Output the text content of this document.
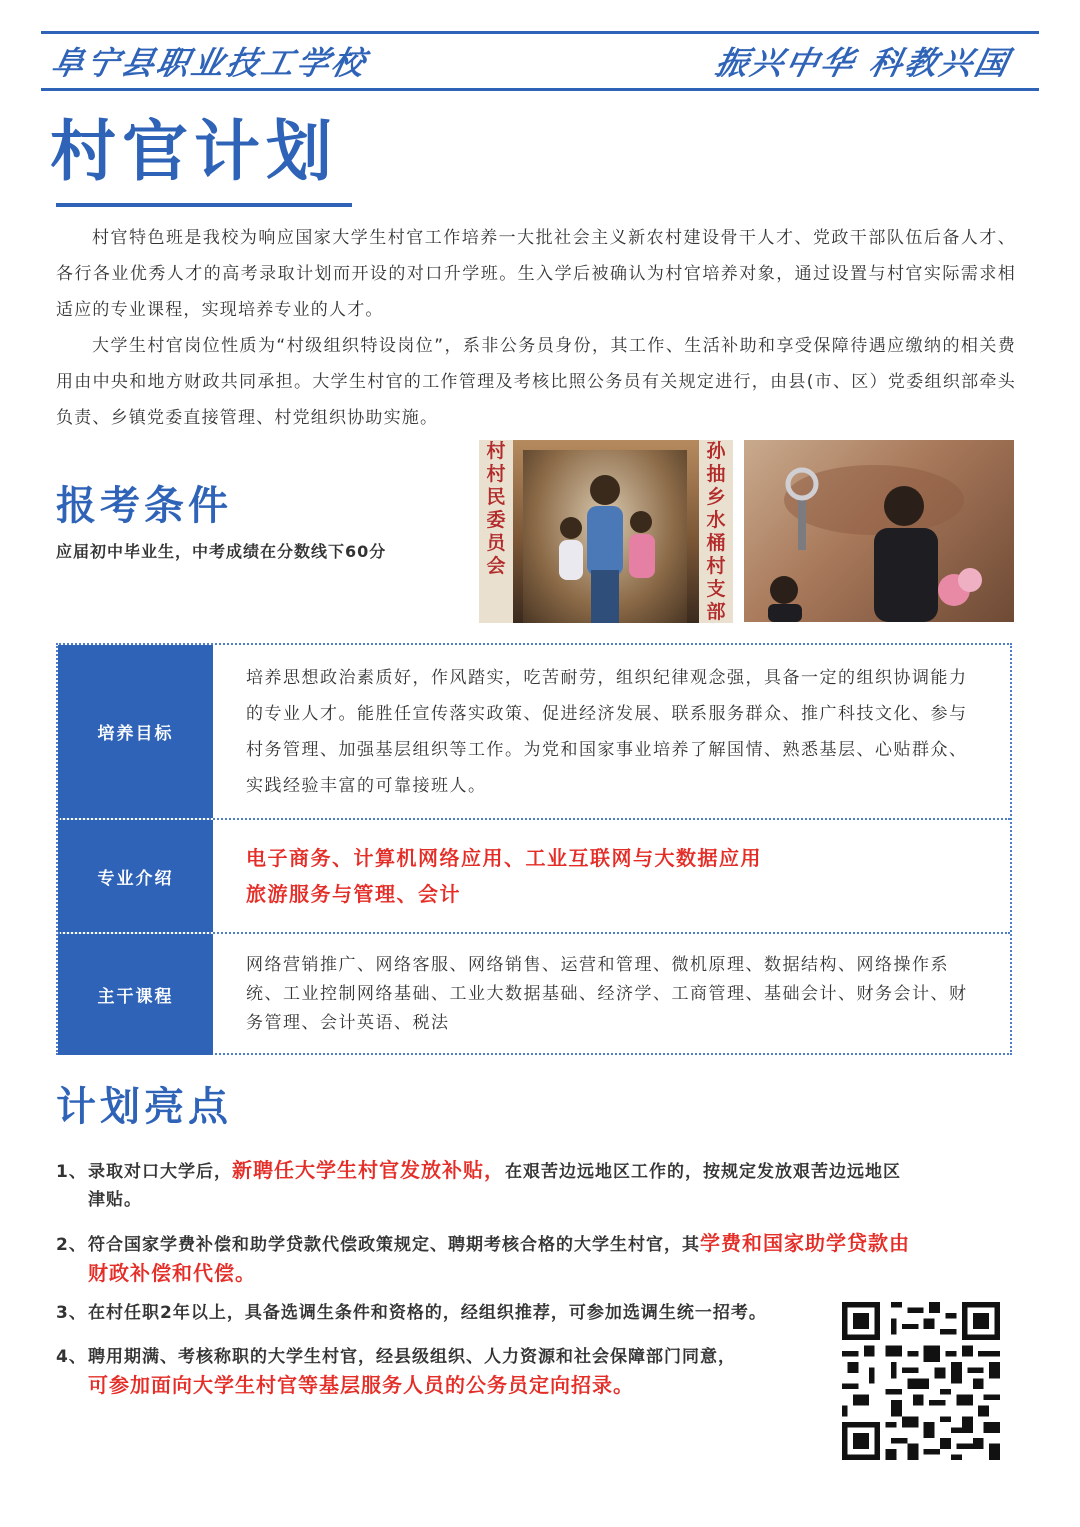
阜宁县职业技工学校	振兴中华 科教兴国
村官计划

村官特色班是我校为响应国家大学生村官工作培养一大批社会主义新农村建设骨干人才、党政干部队伍后备人才、各行各业优秀人才的高考录取计划而开设的对口升学班。生入学后被确认为村官培养对象，通过设置与村官实际需求相适应的专业课程，实现培养专业的人才。

大学生村官岗位性质为“村级组织特设岗位”，系非公务员身份，其工作、生活补助和享受保障待遇应缴纳的相关费用由中央和地方财政共同承担。大学生村官的工作管理及考核比照公务员有关规定进行，由县(市、区）党委组织部牵头负责、乡镇党委直接管理、村党组织协助实施。

报考条件
应届初中毕业生，中考成绩在分数线下60分
村村民委员会
孙抽乡水桶村支部
培养目标

培养思想政治素质好，作风踏实，吃苦耐劳，组织纪律观念强，具备一定的组织协调能力的专业人才。能胜任宣传落实政策、促进经济发展、联系服务群众、推广科技文化、参与村务管理、加强基层组织等工作。为党和国家事业培养了解国情、熟悉基层、心贴群众、实践经验丰富的可靠接班人。

专业介绍

电子商务、计算机网络应用、工业互联网与大数据应用

旅游服务与管理、会计

主干课程

网络营销推广、网络客服、网络销售、运营和管理、微机原理、数据结构、网络操作系统、工业控制网络基础、工业大数据基础、经济学、工商管理、基础会计、财务会计、财务管理、会计英语、税法

计划亮点
1、录取对口大学后，新聘任大学生村官发放补贴，在艰苦边远地区工作的，按规定发放艰苦边远地区
津贴。
2、符合国家学费补偿和助学贷款代偿政策规定、聘期考核合格的大学生村官，其学费和国家助学贷款由
财政补偿和代偿。
3、在村任职2年以上，具备选调生条件和资格的，经组织推荐，可参加选调生统一招考。
4、聘用期满、考核称职的大学生村官，经县级组织、人力资源和社会保障部门同意，
可参加面向大学生村官等基层服务人员的公务员定向招录。
